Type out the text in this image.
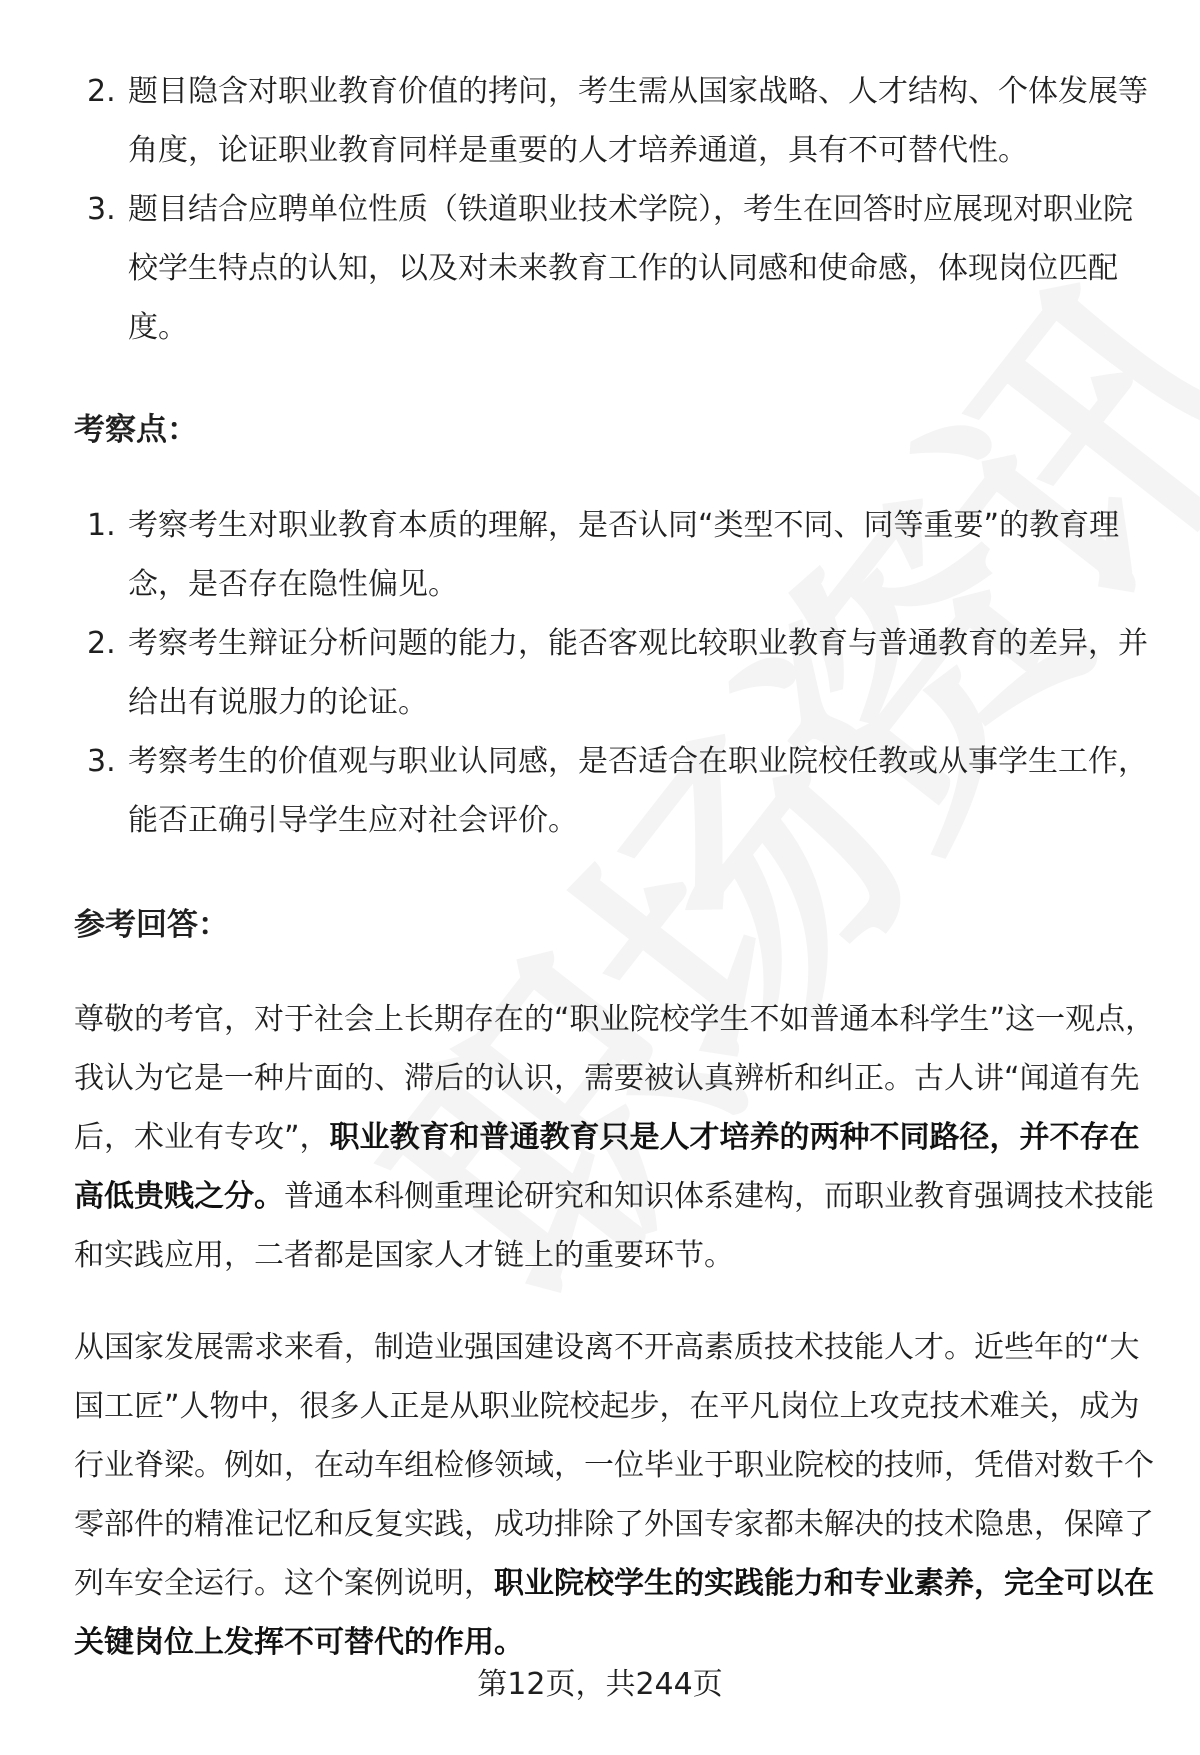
2. 题目隐含对职业教育价值的拷问，考生需从国家战略、人才结构、个体发展等角度，论证职业教育同样是重要的人才培养通道，具有不可替代性。
3. 题目结合应聘单位性质（铁道职业技术学院），考生在回答时应展现对职业院校学生特点的认知，以及对未来教育工作的认同感和使命感，体现岗位匹配度。
考察点：
1. 考察考生对职业教育本质的理解，是否认同“类型不同、同等重要”的教育理念，是否存在隐性偏见。
2. 考察考生辩证分析问题的能力，能否客观比较职业教育与普通教育的差异，并给出有说服力的论证。
3. 考察考生的价值观与职业认同感，是否适合在职业院校任教或从事学生工作，能否正确引导学生应对社会评价。
参考回答：

尊敬的考官，对于社会上长期存在的“职业院校学生不如普通本科学生”这一观点，我认为它是一种片面的、滞后的认识，需要被认真辨析和纠正。古人讲“闻道有先后，术业有专攻”，职业教育和普通教育只是人才培养的两种不同路径，并不存在高低贵贱之分。普通本科侧重理论研究和知识体系建构，而职业教育强调技术技能和实践应用，二者都是国家人才链上的重要环节。

从国家发展需求来看，制造业强国建设离不开高素质技术技能人才。近些年的“大国工匠”人物中，很多人正是从职业院校起步，在平凡岗位上攻克技术难关，成为行业脊梁。例如，在动车组检修领域，一位毕业于职业院校的技师，凭借对数千个零部件的精准记忆和反复实践，成功排除了外国专家都未解决的技术隐患，保障了列车安全运行。这个案例说明，职业院校学生的实践能力和专业素养，完全可以在关键岗位上发挥不可替代的作用。

第12页，共244页
